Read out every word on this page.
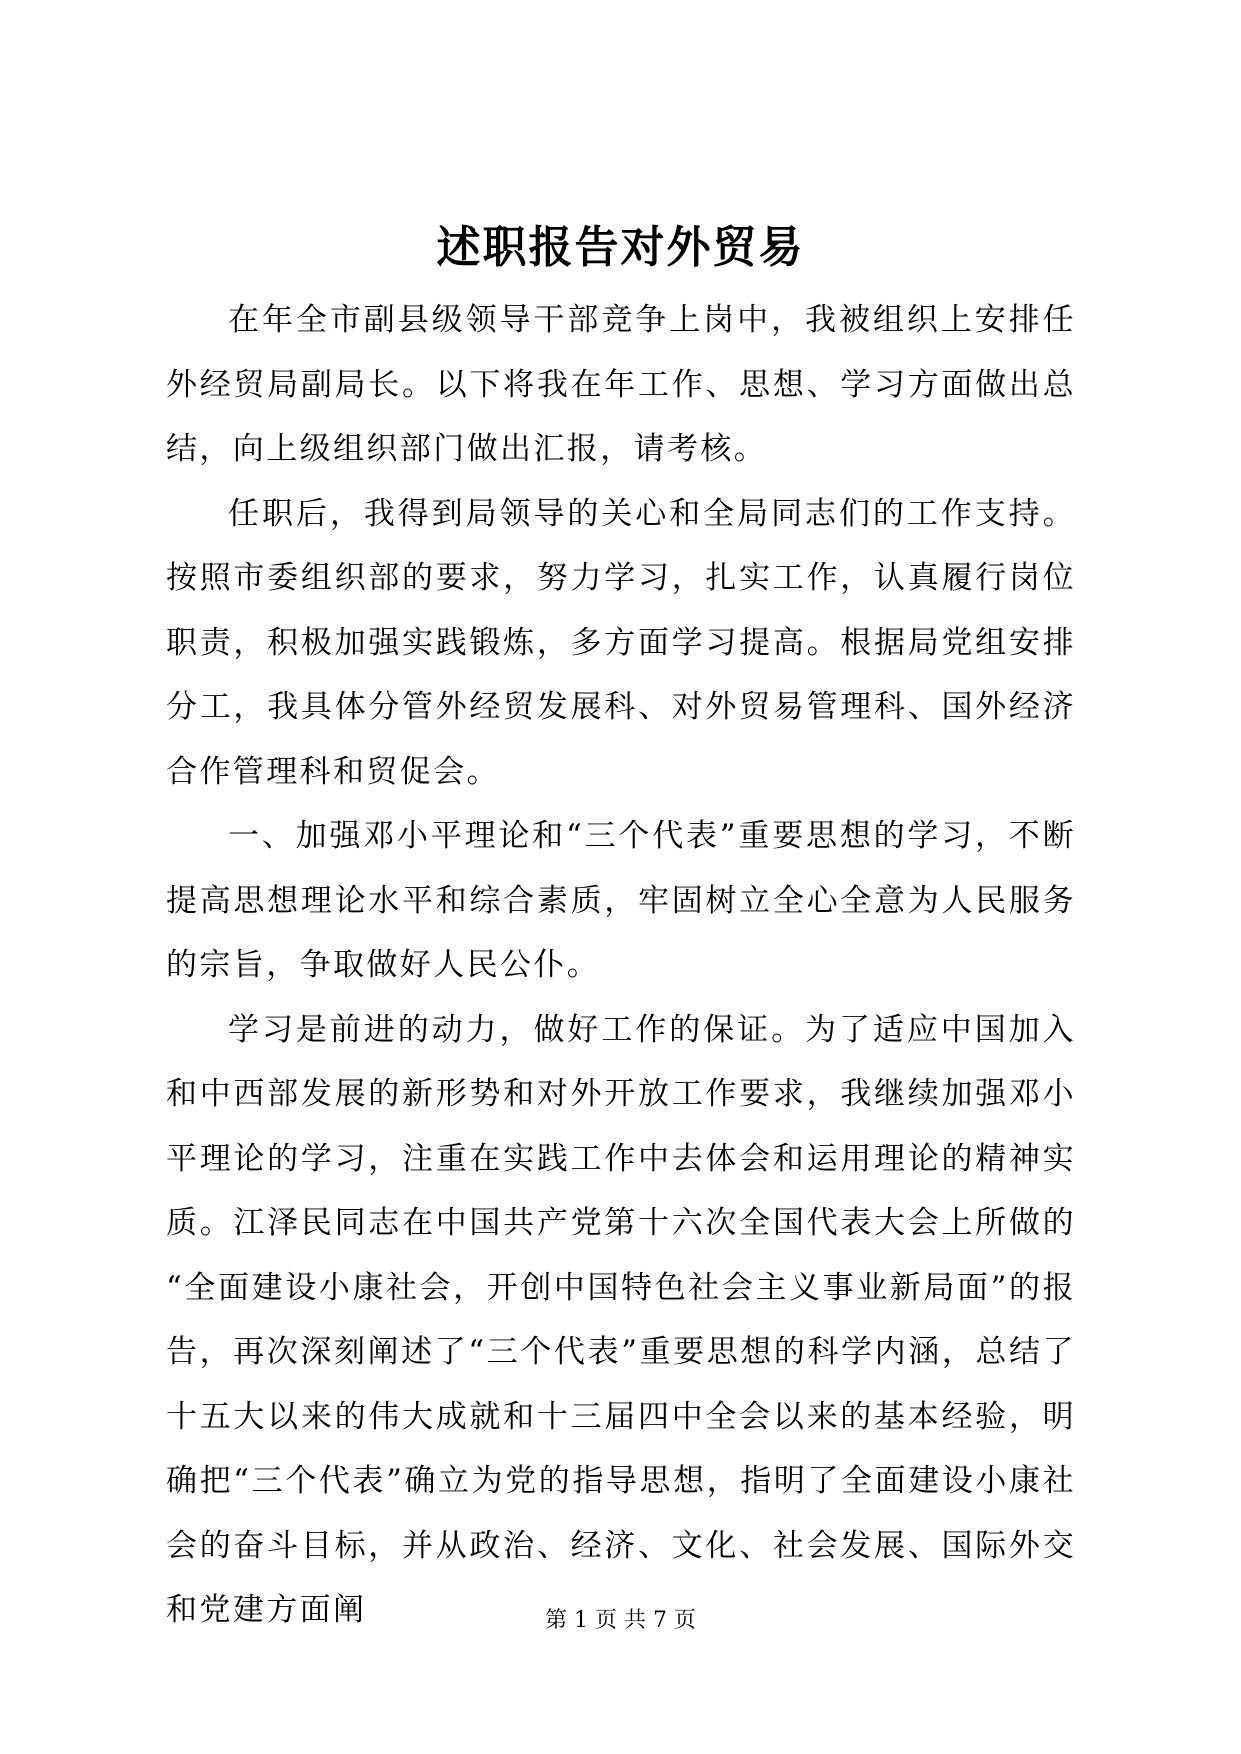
述职报告对外贸易

在年全市副县级领导干部竞争上岗中，我被组织上安排任外经贸局副局长。以下将我在年工作、思想、学习方面做出总结，向上级组织部门做出汇报，请考核。

任职后，我得到局领导的关心和全局同志们的工作支持。按照市委组织部的要求，努力学习，扎实工作，认真履行岗位职责，积极加强实践锻炼，多方面学习提高。根据局党组安排分工，我具体分管外经贸发展科、对外贸易管理科、国外经济合作管理科和贸促会。

一、加强邓小平理论和“三个代表”重要思想的学习，不断提高思想理论水平和综合素质，牢固树立全心全意为人民服务的宗旨，争取做好人民公仆。

学习是前进的动力，做好工作的保证。为了适应中国加入和中西部发展的新形势和对外开放工作要求，我继续加强邓小平理论的学习，注重在实践工作中去体会和运用理论的精神实质。江泽民同志在中国共产党第十六次全国代表大会上所做的“全面建设小康社会，开创中国特色社会主义事业新局面”的报告，再次深刻阐述了“三个代表”重要思想的科学内涵，总结了十五大以来的伟大成就和十三届四中全会以来的基本经验，明确把“三个代表”确立为党的指导思想，指明了全面建设小康社会的奋斗目标，并从政治、经济、文化、社会发展、国际外交和党建方面阐	第 1 页 共 7 页
